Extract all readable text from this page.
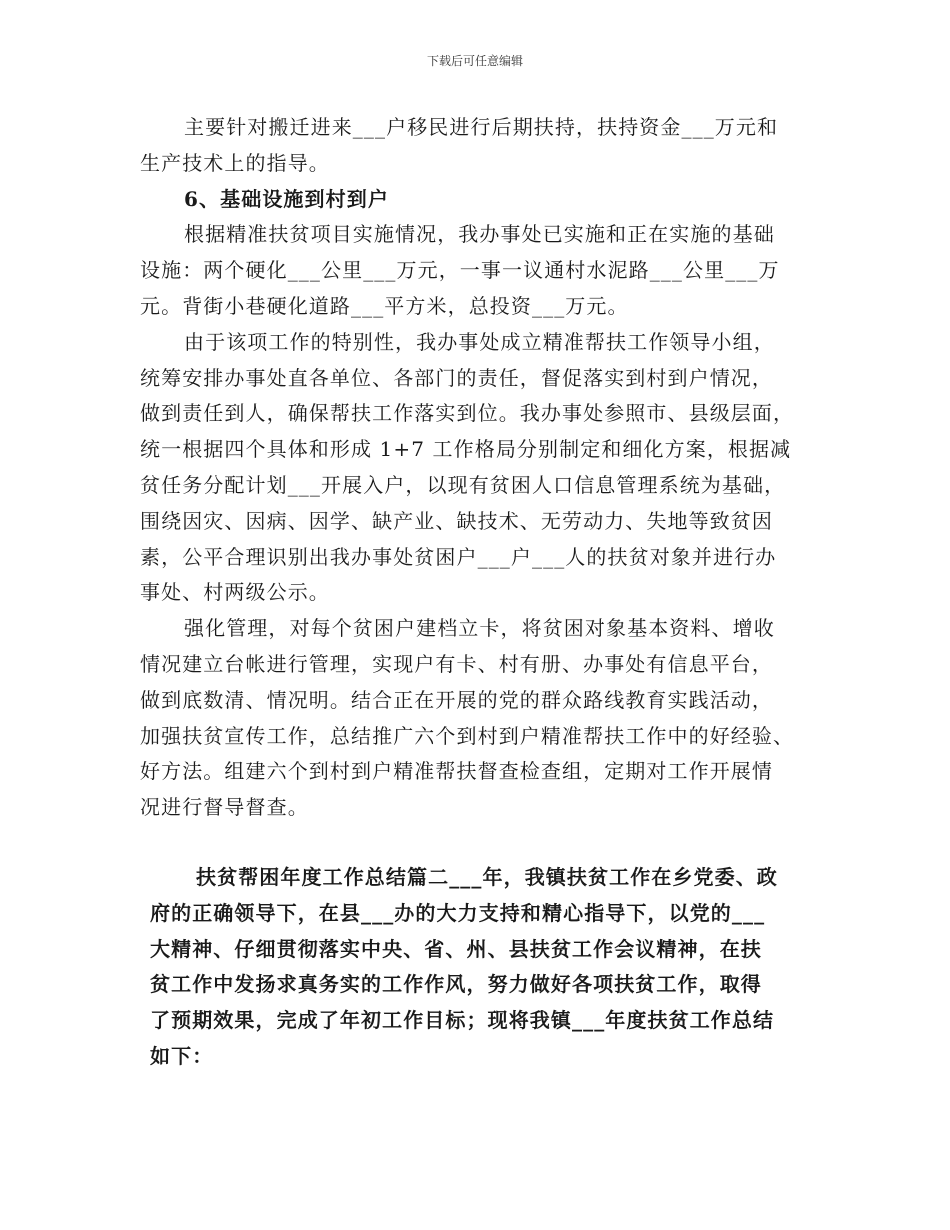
下载后可任意编辑
主要针对搬迁进来___户移民进行后期扶持，扶持资金___万元和
生产技术上的指导。
6、基础设施到村到户
根据精准扶贫项目实施情况，我办事处已实施和正在实施的基础
设施：两个硬化___公里___万元，一事一议通村水泥路___公里___万
元。背街小巷硬化道路___平方米，总投资___万元。
由于该项工作的特别性，我办事处成立精准帮扶工作领导小组，
统筹安排办事处直各单位、各部门的责任，督促落实到村到户情况，
做到责任到人，确保帮扶工作落实到位。我办事处参照市、县级层面，
统一根据四个具体和形成 1+7 工作格局分别制定和细化方案，根据减
贫任务分配计划___开展入户，以现有贫困人口信息管理系统为基础，
围绕因灾、因病、因学、缺产业、缺技术、无劳动力、失地等致贫因
素，公平合理识别出我办事处贫困户___户___人的扶贫对象并进行办
事处、村两级公示。
强化管理，对每个贫困户建档立卡，将贫困对象基本资料、增收
情况建立台帐进行管理，实现户有卡、村有册、办事处有信息平台，
做到底数清、情况明。结合正在开展的党的群众路线教育实践活动，
加强扶贫宣传工作，总结推广六个到村到户精准帮扶工作中的好经验、
好方法。组建六个到村到户精准帮扶督查检查组，定期对工作开展情
况进行督导督查。
扶贫帮困年度工作总结篇二___年，我镇扶贫工作在乡党委、政
府的正确领导下，在县___办的大力支持和精心指导下，以党的___
大精神、仔细贯彻落实中央、省、州、县扶贫工作会议精神，在扶
贫工作中发扬求真务实的工作作风，努力做好各项扶贫工作，取得
了预期效果，完成了年初工作目标；现将我镇___年度扶贫工作总结
如下：
